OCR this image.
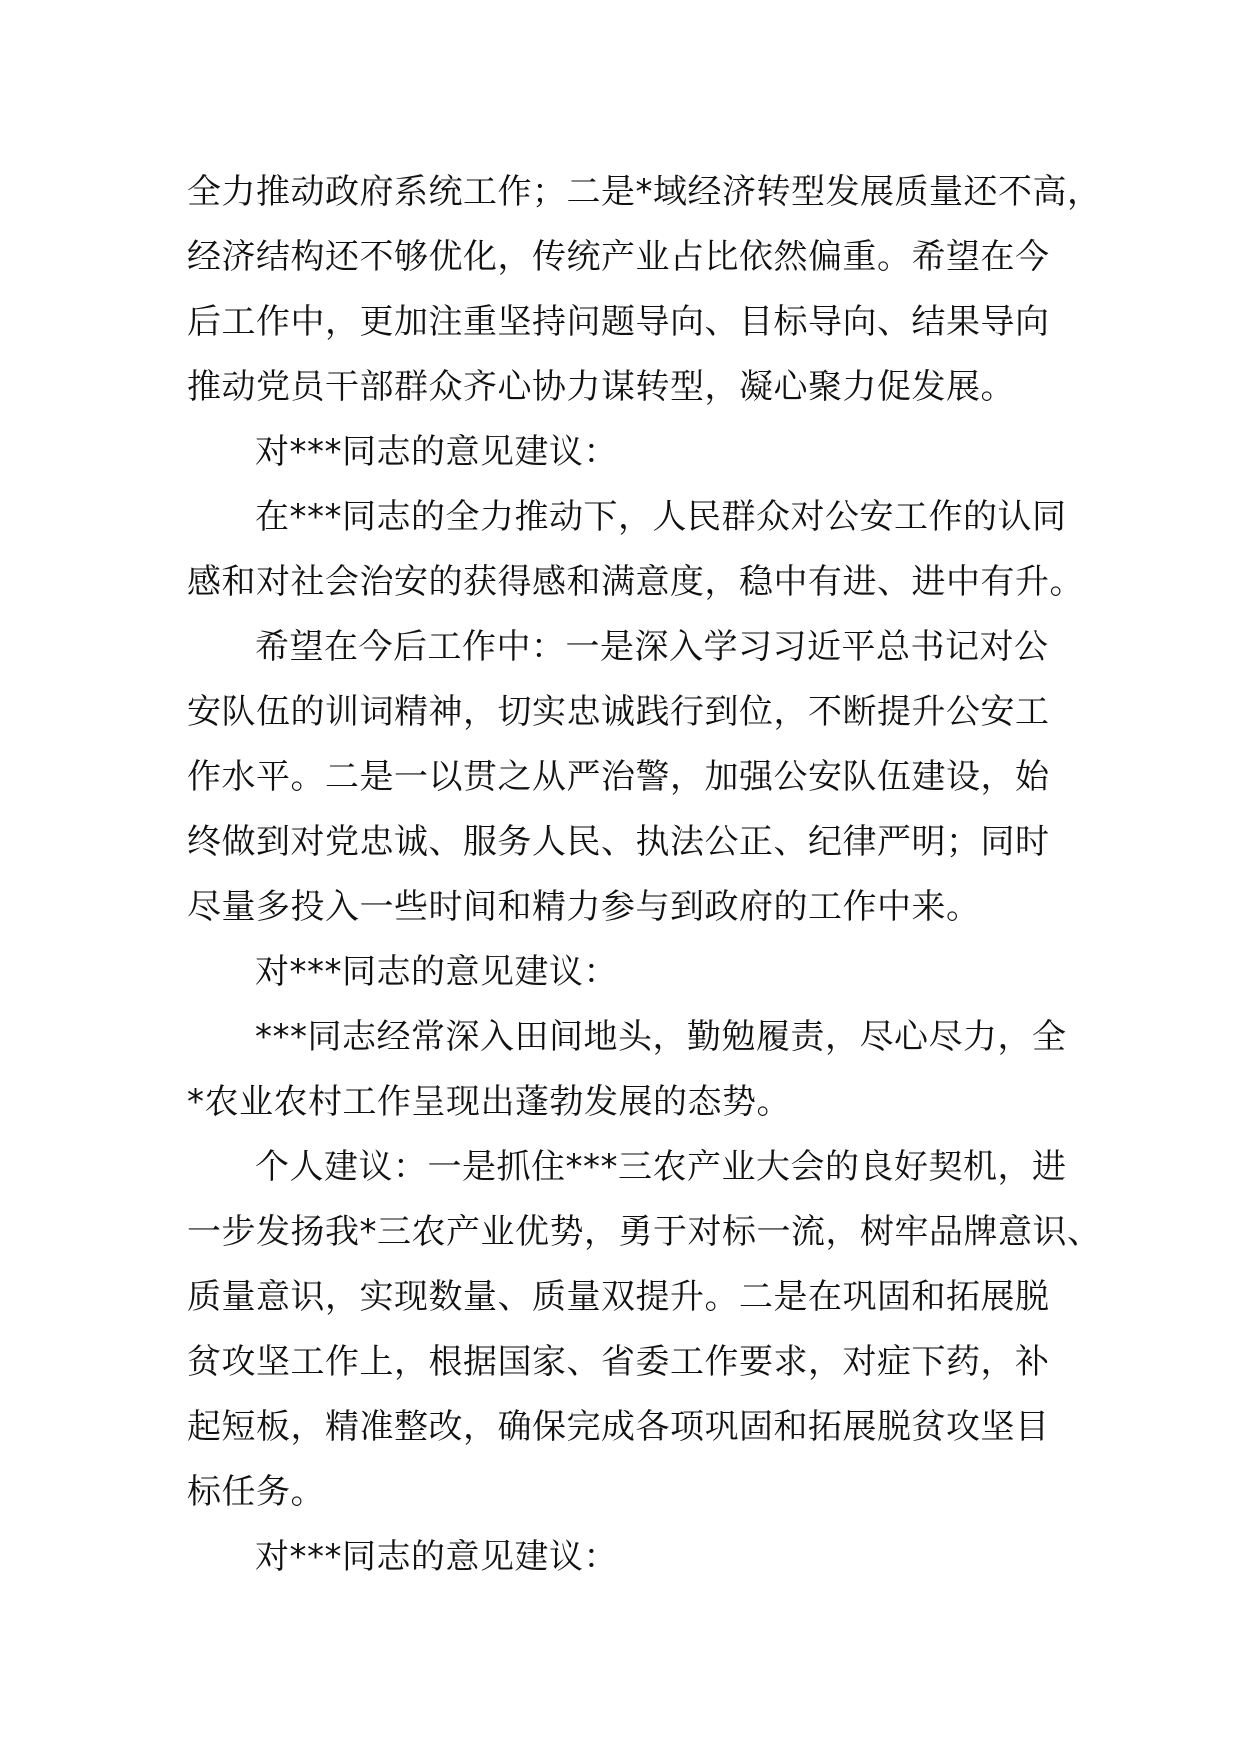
全力推动政府系统工作；二是*域经济转型发展质量还不高，
经济结构还不够优化，传统产业占比依然偏重。希望在今
后工作中，更加注重坚持问题导向、目标导向、结果导向
推动党员干部群众齐心协力谋转型，凝心聚力促发展。
对***同志的意见建议：
在***同志的全力推动下，人民群众对公安工作的认同
感和对社会治安的获得感和满意度，稳中有进、进中有升。
希望在今后工作中：一是深入学习习近平总书记对公
安队伍的训词精神，切实忠诚践行到位，不断提升公安工
作水平。二是一以贯之从严治警，加强公安队伍建设，始
终做到对党忠诚、服务人民、执法公正、纪律严明；同时
尽量多投入一些时间和精力参与到政府的工作中来。
对***同志的意见建议：
***同志经常深入田间地头，勤勉履责，尽心尽力，全
*农业农村工作呈现出蓬勃发展的态势。
个人建议：一是抓住***三农产业大会的良好契机，进
一步发扬我*三农产业优势，勇于对标一流，树牢品牌意识、
质量意识，实现数量、质量双提升。二是在巩固和拓展脱
贫攻坚工作上，根据国家、省委工作要求，对症下药，补
起短板，精准整改，确保完成各项巩固和拓展脱贫攻坚目
标任务。
对***同志的意见建议：
